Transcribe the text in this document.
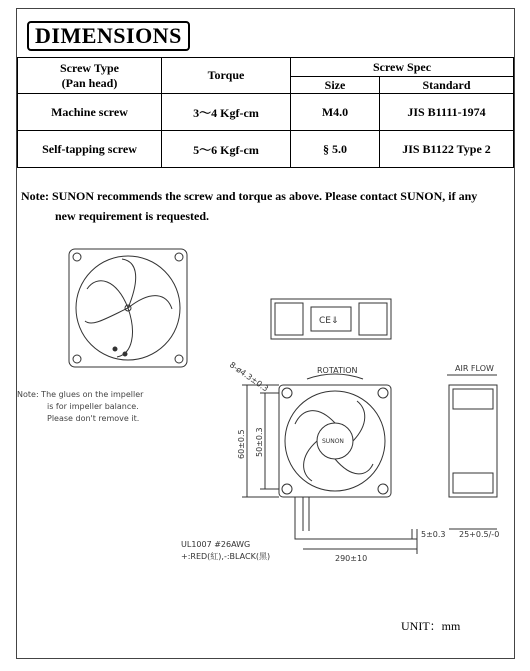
DIMENSIONS
Screw Type
(Pan head)	Torque	Screw Spec	
		Size	Standard
Machine screw	3～4 Kgf-cm	M4.0	JIS B1111-1974
Self-tapping screw	5～6 Kgf-cm	§ 5.0	JIS B1122 Type 2
Note: SUNON recommends the screw and torque as above. Please contact SUNON, if any
new requirement is requested.
Note: The glues on the impeller
is for impeller balance.
Please don't remove it.
CE⇓
8-ø4.3±0.3	ROTATION	AIR FLOW
SUNON
60±0.5 50±0.3
290±10
5±0.3 25+0.5/-0
UL1007 #26AWG
+:RED(紅),-:BLACK(黑)
UNIT：mm
